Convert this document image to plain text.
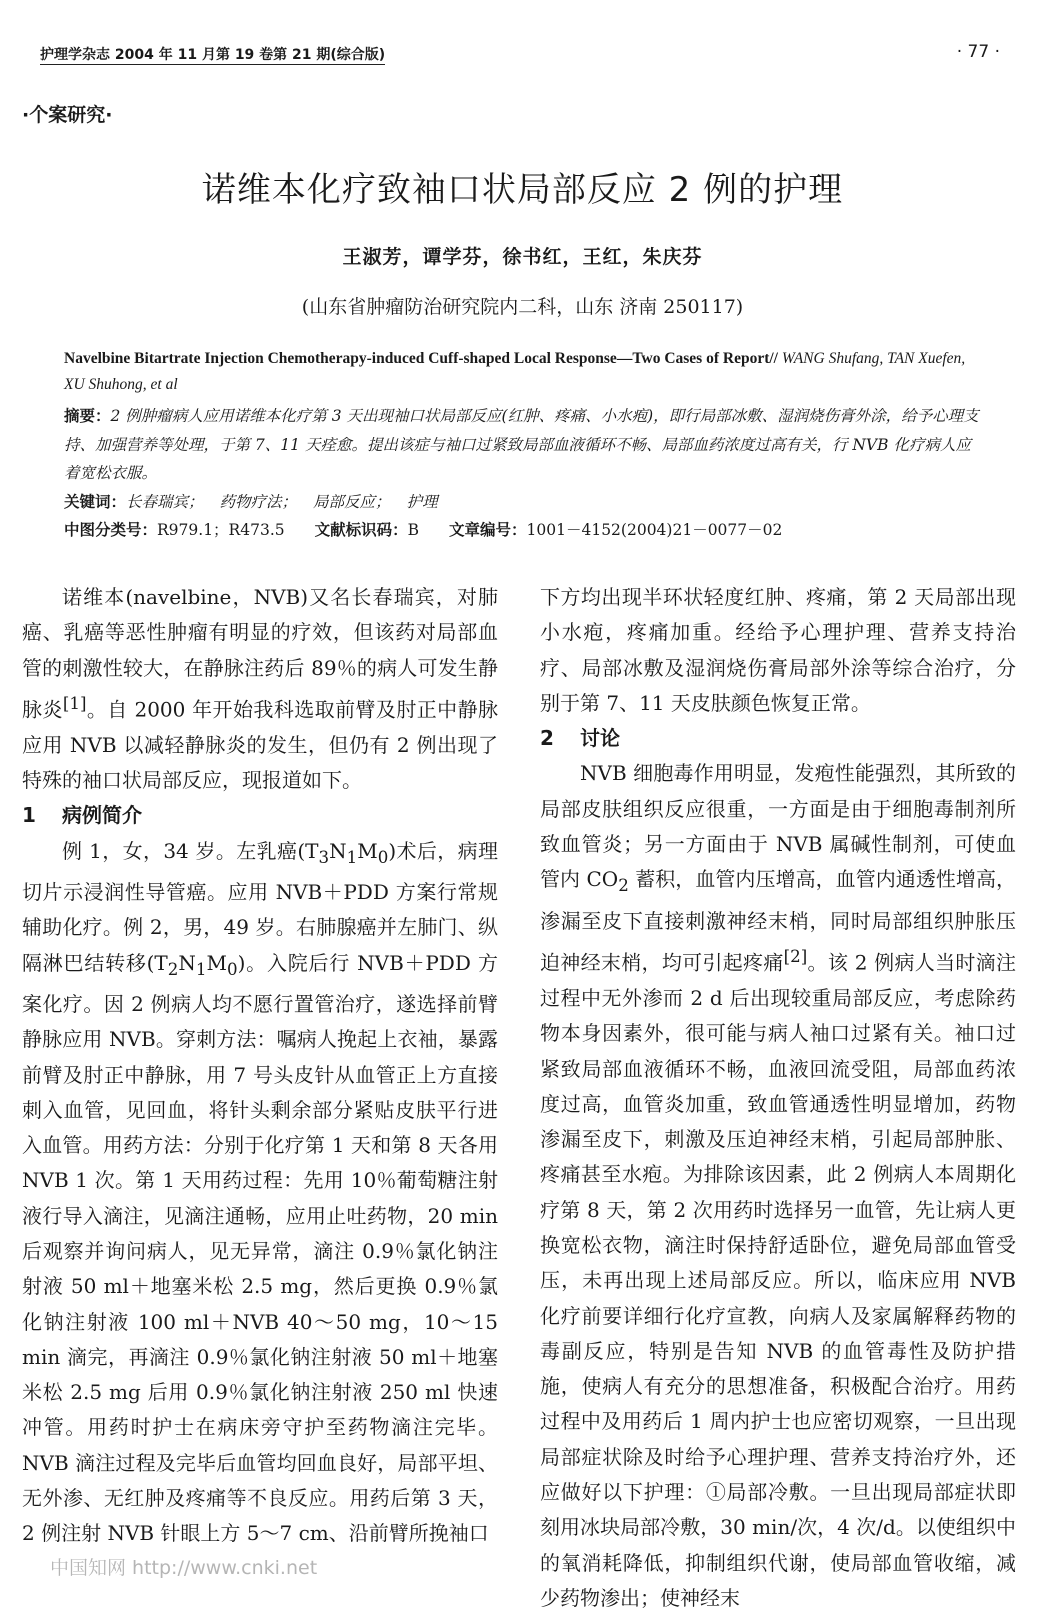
护理学杂志 2004 年 11 月第 19 卷第 21 期(综合版)	· 77 ·
·个案研究·
诺维本化疗致袖口状局部反应 2 例的护理
王淑芳，谭学芬，徐书红，王红，朱庆芬
(山东省肿瘤防治研究院内二科，山东 济南 250117)
Navelbine Bitartrate Injection Chemotherapy-induced Cuff-shaped Local Response—Two Cases of Report// WANG Shufang, TAN Xuefen, XU Shuhong, et al
摘要：2 例肿瘤病人应用诺维本化疗第 3 天出现袖口状局部反应(红肿、疼痛、小水疱)，即行局部冰敷、湿润烧伤膏外涂，给予心理支持、加强营养等处理，于第 7、11 天痊愈。提出该症与袖口过紧致局部血液循环不畅、局部血药浓度过高有关，行 NVB 化疗病人应着宽松衣服。
关键词：长春瑞宾； 药物疗法； 局部反应； 护理
中图分类号：R979.1；R473.5 文献标识码：B 文章编号：1001－4152(2004)21－0077－02

诺维本(navelbine，NVB)又名长春瑞宾，对肺癌、乳癌等恶性肿瘤有明显的疗效，但该药对局部血管的刺激性较大，在静脉注药后 89％的病人可发生静脉炎[1]。自 2000 年开始我科选取前臂及肘正中静脉应用 NVB 以减轻静脉炎的发生，但仍有 2 例出现了特殊的袖口状局部反应，现报道如下。

1 病例简介

例 1，女，34 岁。左乳癌$(T_3N_1M_0)$术后，病理切片示浸润性导管癌。应用 NVB＋PDD 方案行常规辅助化疗。例 2，男，49 岁。右肺腺癌并左肺门、纵隔淋巴结转移$(T_2N_1M_0)$。入院后行 NVB＋PDD 方案化疗。因 2 例病人均不愿行置管治疗，遂选择前臂静脉应用 NVB。穿刺方法：嘱病人挽起上衣袖，暴露前臂及肘正中静脉，用 7 号头皮针从血管正上方直接刺入血管，见回血，将针头剩余部分紧贴皮肤平行进入血管。用药方法：分别于化疗第 1 天和第 8 天各用 NVB 1 次。第 1 天用药过程：先用 10％葡萄糖注射液行导入滴注，见滴注通畅，应用止吐药物，20 min 后观察并询问病人，见无异常，滴注 0.9％氯化钠注射液 50 ml＋地塞米松 2.5 mg，然后更换 0.9％氯化钠注射液 100 ml＋NVB 40～50 mg，10～15 min 滴完，再滴注 0.9％氯化钠注射液 50 ml＋地塞米松 2.5 mg 后用 0.9％氯化钠注射液 250 ml 快速冲管。用药时护士在病床旁守护至药物滴注完毕。NVB 滴注过程及完毕后血管均回血良好，局部平坦、无外渗、无红肿及疼痛等不良反应。用药后第 3 天，2 例注射 NVB 针眼上方 5～7 cm、沿前臂所挽袖口

下方均出现半环状轻度红肿、疼痛，第 2 天局部出现小水疱，疼痛加重。经给予心理护理、营养支持治疗、局部冰敷及湿润烧伤膏局部外涂等综合治疗，分别于第 7、11 天皮肤颜色恢复正常。

2 讨论

NVB 细胞毒作用明显，发疱性能强烈，其所致的局部皮肤组织反应很重，一方面是由于细胞毒制剂所致血管炎；另一方面由于 NVB 属碱性制剂，可使血管内 $CO_2$ 蓄积，血管内压增高，血管内通透性增高，渗漏至皮下直接刺激神经末梢，同时局部组织肿胀压迫神经末梢，均可引起疼痛[2]。该 2 例病人当时滴注过程中无外渗而 2 d 后出现较重局部反应，考虑除药物本身因素外，很可能与病人袖口过紧有关。袖口过紧致局部血液循环不畅，血液回流受阻，局部血药浓度过高，血管炎加重，致血管通透性明显增加，药物渗漏至皮下，刺激及压迫神经末梢，引起局部肿胀、疼痛甚至水疱。为排除该因素，此 2 例病人本周期化疗第 8 天，第 2 次用药时选择另一血管，先让病人更换宽松衣物，滴注时保持舒适卧位，避免局部血管受压，未再出现上述局部反应。所以，临床应用 NVB 化疗前要详细行化疗宣教，向病人及家属解释药物的毒副反应，特别是告知 NVB 的血管毒性及防护措施，使病人有充分的思想准备，积极配合治疗。用药过程中及用药后 1 周内护士也应密切观察，一旦出现局部症状除及时给予心理护理、营养支持治疗外，还应做好以下护理：①局部冷敷。一旦出现局部症状即刻用冰块局部冷敷，30 min/次，4 次/d。以使组织中的氧消耗降低，抑制组织代谢，使局部血管收缩，减少药物渗出；使神经末

中国知网 http://www.cnki.net
